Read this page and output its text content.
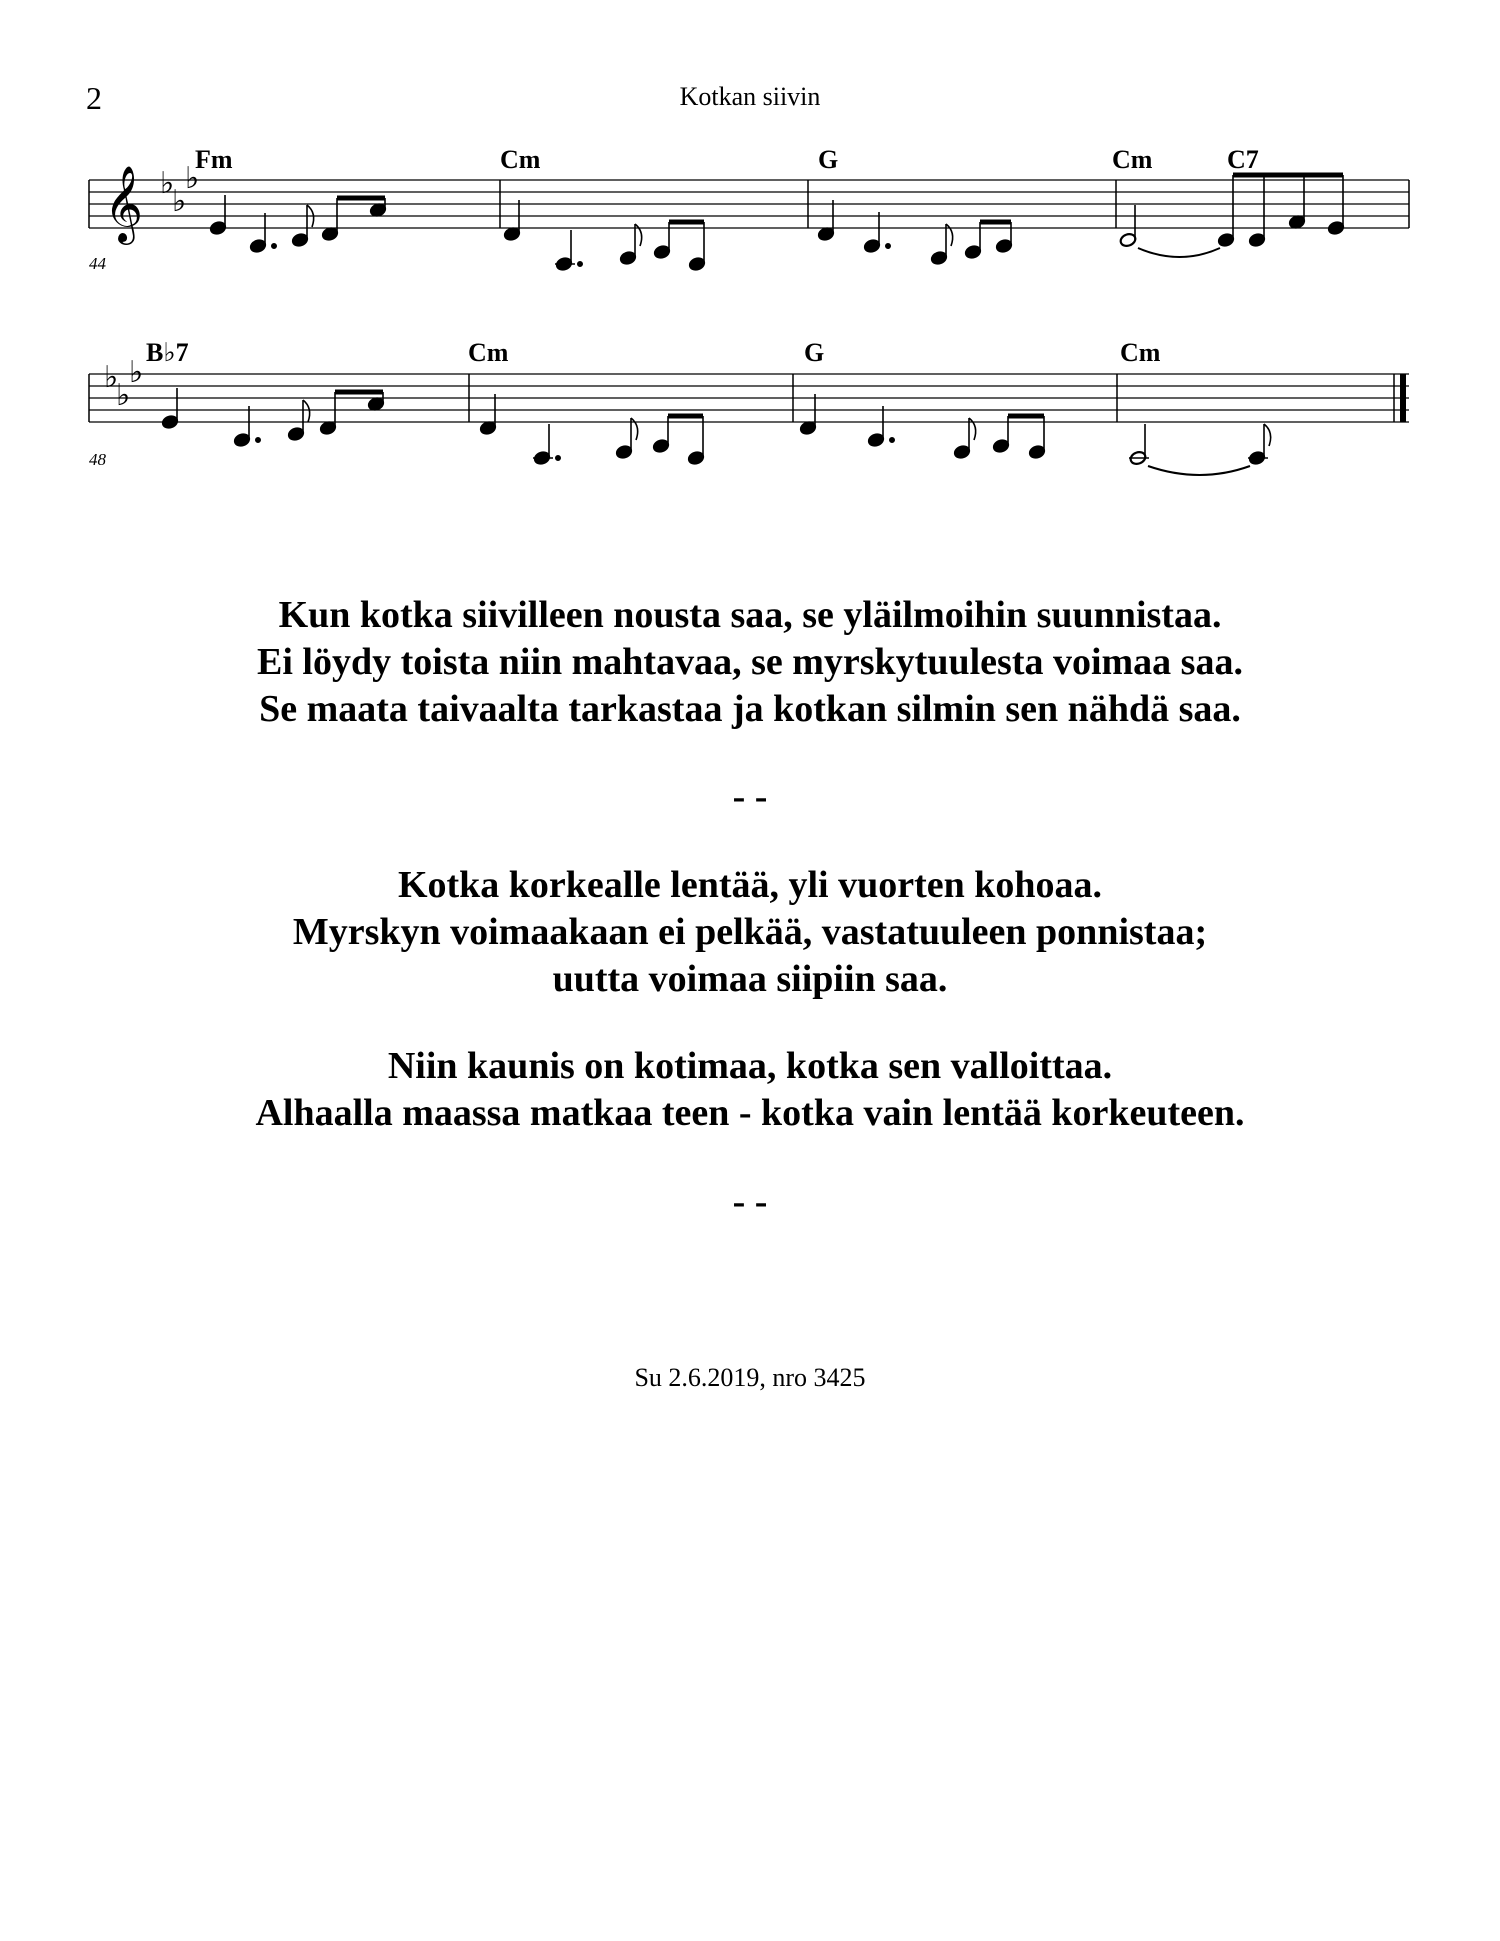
2	Kotkan siivin
Fm	Cm	G	Cm	C7
44
B♭7	Cm	G	Cm
48
𝄞 ♭
♭
♭
♭
♭
♭
Kun kotka siivilleen nousta saa, se yläilmoihin suunnistaa.
Ei löydy toista niin mahtavaa, se myrskytuulesta voimaa saa.
Se maata taivaalta tarkastaa ja kotkan silmin sen nähdä saa.
- -
Kotka korkealle lentää, yli vuorten kohoaa.
Myrskyn voimaakaan ei pelkää, vastatuuleen ponnistaa;
uutta voimaa siipiin saa.
Niin kaunis on kotimaa, kotka sen valloittaa.
Alhaalla maassa matkaa teen - kotka vain lentää korkeuteen.
- -
Su 2.6.2019, nro 3425
